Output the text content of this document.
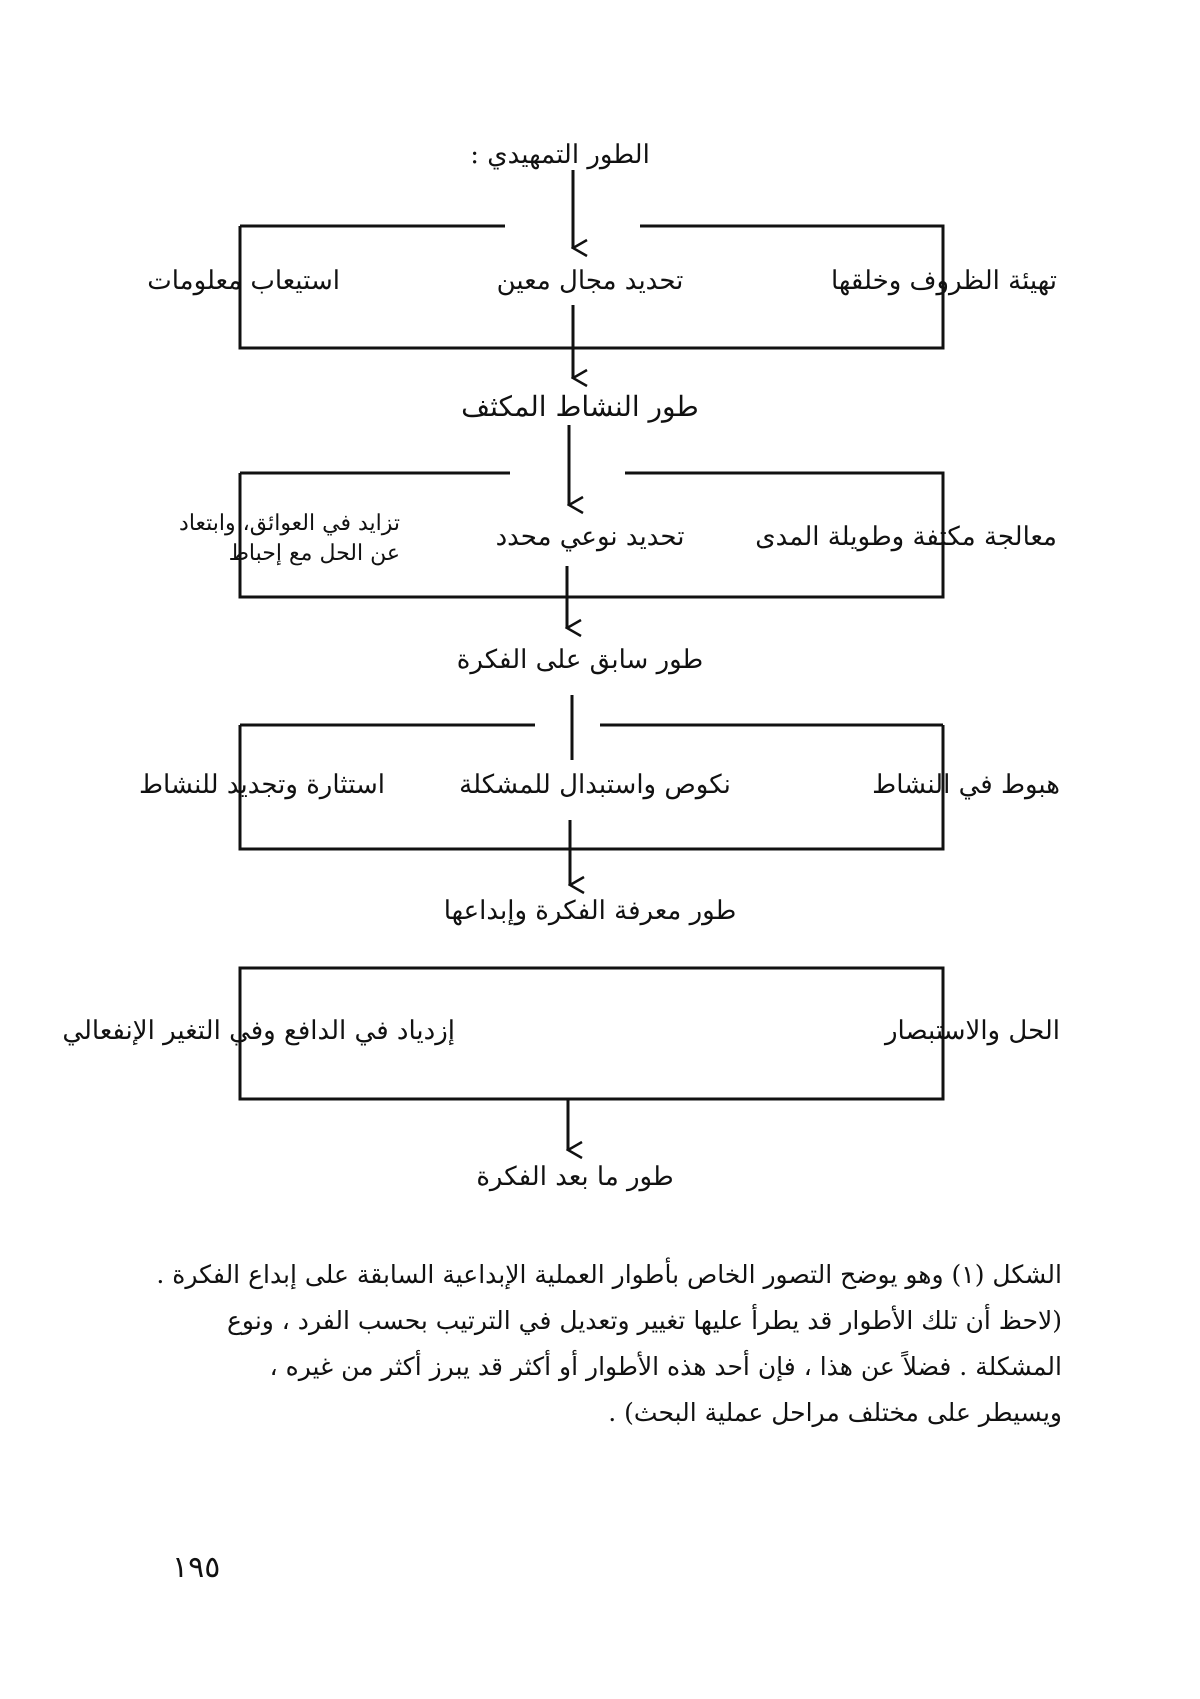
الطور التمهيدي :
طور النشاط المكثف
طور سابق على الفكرة
طور معرفة الفكرة وإبداعها
طور ما بعد الفكرة
تهيئة الظروف وخلقها
تحديد مجال معين
استيعاب معلومات
معالجة مكثفة وطويلة المدى
تحديد نوعي محدد
تزايد في العوائق، وابتعاد
عن الحل مع إحباط
هبوط في النشاط
نكوص واستبدال للمشكلة
استثارة وتجديد للنشاط
الحل والاستبصار
إزدياد في الدافع وفي التغير الإنفعالي
الشكل (١) وهو يوضح التصور الخاص بأطوار العملية الإبداعية السابقة على إبداع الفكرة .
(لاحظ أن تلك الأطوار قد يطرأ عليها تغيير وتعديل في الترتيب بحسب الفرد ، ونوع
المشكلة . فضلاً عن هذا ، فإن أحد هذه الأطوار أو أكثر قد يبرز أكثر من غيره ،
ويسيطر على مختلف مراحل عملية البحث) .
١٩٥
